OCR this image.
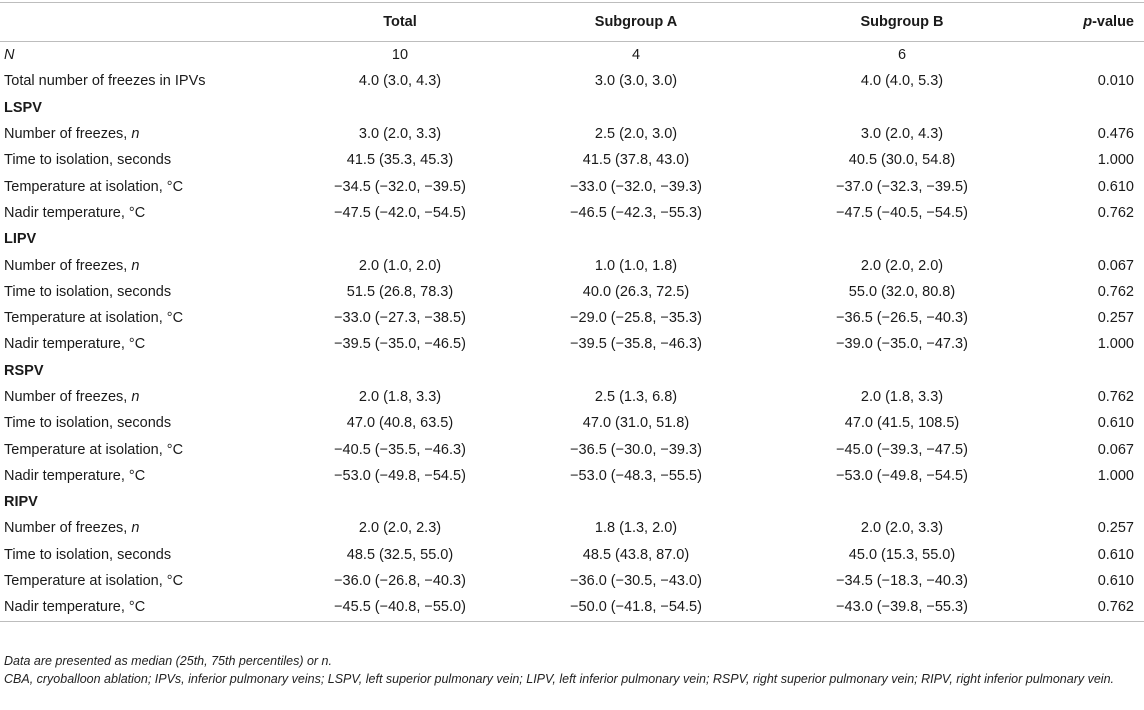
	Total	Subgroup A	Subgroup B	p-value
N	10	4	6	
Total number of freezes in IPVs	4.0 (3.0, 4.3)	3.0 (3.0, 3.0)	4.0 (4.0, 5.3)	0.010
LSPV				
Number of freezes, n	3.0 (2.0, 3.3)	2.5 (2.0, 3.0)	3.0 (2.0, 4.3)	0.476
Time to isolation, seconds	41.5 (35.3, 45.3)	41.5 (37.8, 43.0)	40.5 (30.0, 54.8)	1.000
Temperature at isolation, °C	−34.5 (−32.0, −39.5)	−33.0 (−32.0, −39.3)	−37.0 (−32.3, −39.5)	0.610
Nadir temperature, °C	−47.5 (−42.0, −54.5)	−46.5 (−42.3, −55.3)	−47.5 (−40.5, −54.5)	0.762
LIPV				
Number of freezes, n	2.0 (1.0, 2.0)	1.0 (1.0, 1.8)	2.0 (2.0, 2.0)	0.067
Time to isolation, seconds	51.5 (26.8, 78.3)	40.0 (26.3, 72.5)	55.0 (32.0, 80.8)	0.762
Temperature at isolation, °C	−33.0 (−27.3, −38.5)	−29.0 (−25.8, −35.3)	−36.5 (−26.5, −40.3)	0.257
Nadir temperature, °C	−39.5 (−35.0, −46.5)	−39.5 (−35.8, −46.3)	−39.0 (−35.0, −47.3)	1.000
RSPV				
Number of freezes, n	2.0 (1.8, 3.3)	2.5 (1.3, 6.8)	2.0 (1.8, 3.3)	0.762
Time to isolation, seconds	47.0 (40.8, 63.5)	47.0 (31.0, 51.8)	47.0 (41.5, 108.5)	0.610
Temperature at isolation, °C	−40.5 (−35.5, −46.3)	−36.5 (−30.0, −39.3)	−45.0 (−39.3, −47.5)	0.067
Nadir temperature, °C	−53.0 (−49.8, −54.5)	−53.0 (−48.3, −55.5)	−53.0 (−49.8, −54.5)	1.000
RIPV				
Number of freezes, n	2.0 (2.0, 2.3)	1.8 (1.3, 2.0)	2.0 (2.0, 3.3)	0.257
Time to isolation, seconds	48.5 (32.5, 55.0)	48.5 (43.8, 87.0)	45.0 (15.3, 55.0)	0.610
Temperature at isolation, °C	−36.0 (−26.8, −40.3)	−36.0 (−30.5, −43.0)	−34.5 (−18.3, −40.3)	0.610
Nadir temperature, °C	−45.5 (−40.8, −55.0)	−50.0 (−41.8, −54.5)	−43.0 (−39.8, −55.3)	0.762

Data are presented as median (25th, 75th percentiles) or n.

CBA, cryoballoon ablation; IPVs, inferior pulmonary veins; LSPV, left superior pulmonary vein; LIPV, left inferior pulmonary vein; RSPV, right superior pulmonary vein; RIPV, right inferior pulmonary vein.
